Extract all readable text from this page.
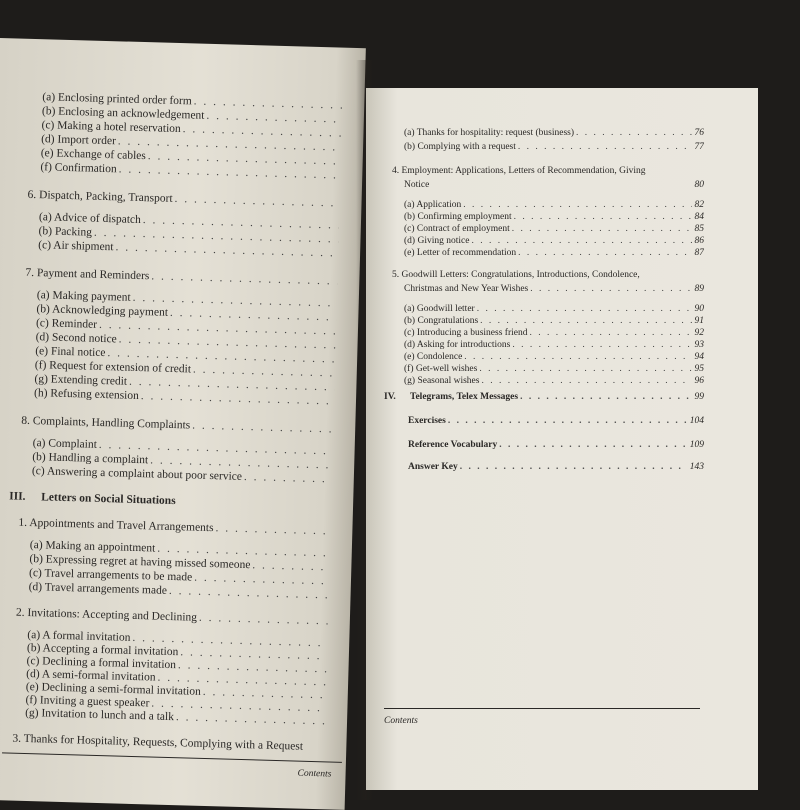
(a) Enclosing printed order form
. . .
(b) Enclosing an acknowledgement
. . .
(c) Making a hotel reservation
. . .
(d) Import order
. . .
(e) Exchange of cables
. . .
(f) Confirmation
. . .
6. Dispatch, Packing, Transport
. . .
(a) Advice of dispatch
. . .
(b) Packing
. . .
(c) Air shipment
. . .
7. Payment and Reminders
. . .
(a) Making payment
. . .
(b) Acknowledging payment
. . .
(c) Reminder
. . .
(d) Second notice
. . .
(e) Final notice
. . .
(f) Request for extension of credit
. . .
(g) Extending credit
. . .
(h) Refusing extension
. . .
8. Complaints, Handling Complaints
. . .
(a) Complaint
. . .
(b) Handling a complaint
. . .
(c) Answering a complaint about poor service
. . .
III.	Letters on Social Situations
1. Appointments and Travel Arrangements
. . .
(a) Making an appointment
. . .
(b) Expressing regret at having missed someone
. . .
(c) Travel arrangements to be made
. . .
(d) Travel arrangements made
. . .
2. Invitations: Accepting and Declining
. . .
(a) A formal invitation
. . .
(b) Accepting a formal invitation
. . .
(c) Declining a formal invitation
. . .
(d) A semi-formal invitation
. . .
(e) Declining a semi-formal invitation
. . .
(f) Inviting a guest speaker
. . .
(g) Invitation to lunch and a talk
. . .
3. Thanks for Hospitality, Requests, Complying with a Request
Contents
(a) Thanks for hospitality: request (business) . . .	76
(b) Complying with a request . . .	77
4. Employment: Applications, Letters of Recommendation, Giving
Notice	80
(a) Application . . .	82
(b) Confirming employment . . .	84
(c) Contract of employment . . .	85
(d) Giving notice . . .	86
(e) Letter of recommendation . . .	87
5. Goodwill Letters: Congratulations, Introductions, Condolence,
Christmas and New Year Wishes . . .	89
(a) Goodwill letter . . .	90
(b) Congratulations . . .	91
(c) Introducing a business friend . . .	92
(d) Asking for introductions . . .	93
(e) Condolence . . .	94
(f) Get-well wishes . . .	95
(g) Seasonal wishes . . .	96
IV.	Telegrams, Telex Messages . . .	99
Exercises . . .	104
Reference Vocabulary . . .	109
Answer Key . . .	143
Contents
